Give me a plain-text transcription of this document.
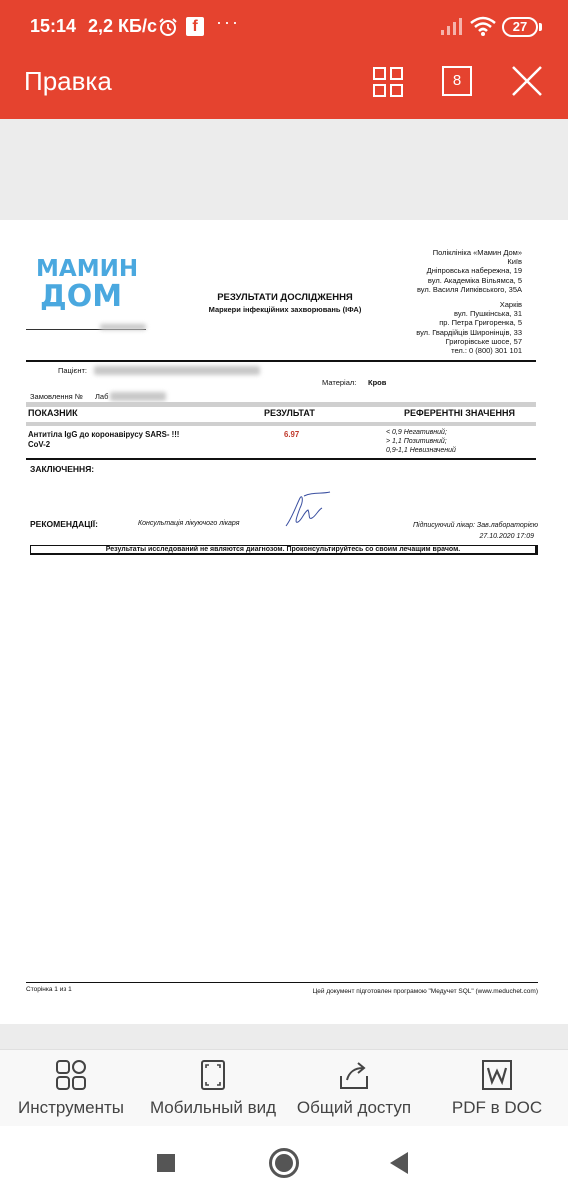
15:14 2,2 КБ/с	f	···	27
Правка	8
МАМИН
ДОМ
Поліклініка «Мамин Дом»
Київ
Дніпровська набережна, 19
вул. Академіка Вільямса, 5
вул. Василя Липківського, 35А
Харків
вул. Пушкінська, 31
пр. Петра Григоренка, 5
вул. Гвардійців Широнінців, 33
Григорівське шосе, 57
тел.: 0 (800) 301 101
РЕЗУЛЬТАТИ ДОСЛІДЖЕННЯ
Маркери інфекційних захворювань (ІФА)
Пацієнт:
Матеріал: Кров
Замовлення № Лаб
ПОКАЗНИК	РЕЗУЛЬТАТ	РЕФЕРЕНТНІ ЗНАЧЕННЯ
Антитіла IgG до коронавірусу SARS- !!!
CoV-2
6.97	< 0,9 Негативний;
> 1,1 Позитивний;
0,9-1,1 Невизначений
ЗАКЛЮЧЕННЯ:
РЕКОМЕНДАЦІЇ:	Консультація лікуючого лікаря	Підписуючий лікар: Зав.лабораторією
27.10.2020 17:09
Результаты исследований не являются диагнозом. Проконсультируйтесь со своим лечащим врачом.
Сторінка 1 из 1	Цей документ підготовлен програмою "Медучет SQL" (www.meduchet.com)
Инструменты	Мобильный вид	Общий доступ	PDF в DOC
